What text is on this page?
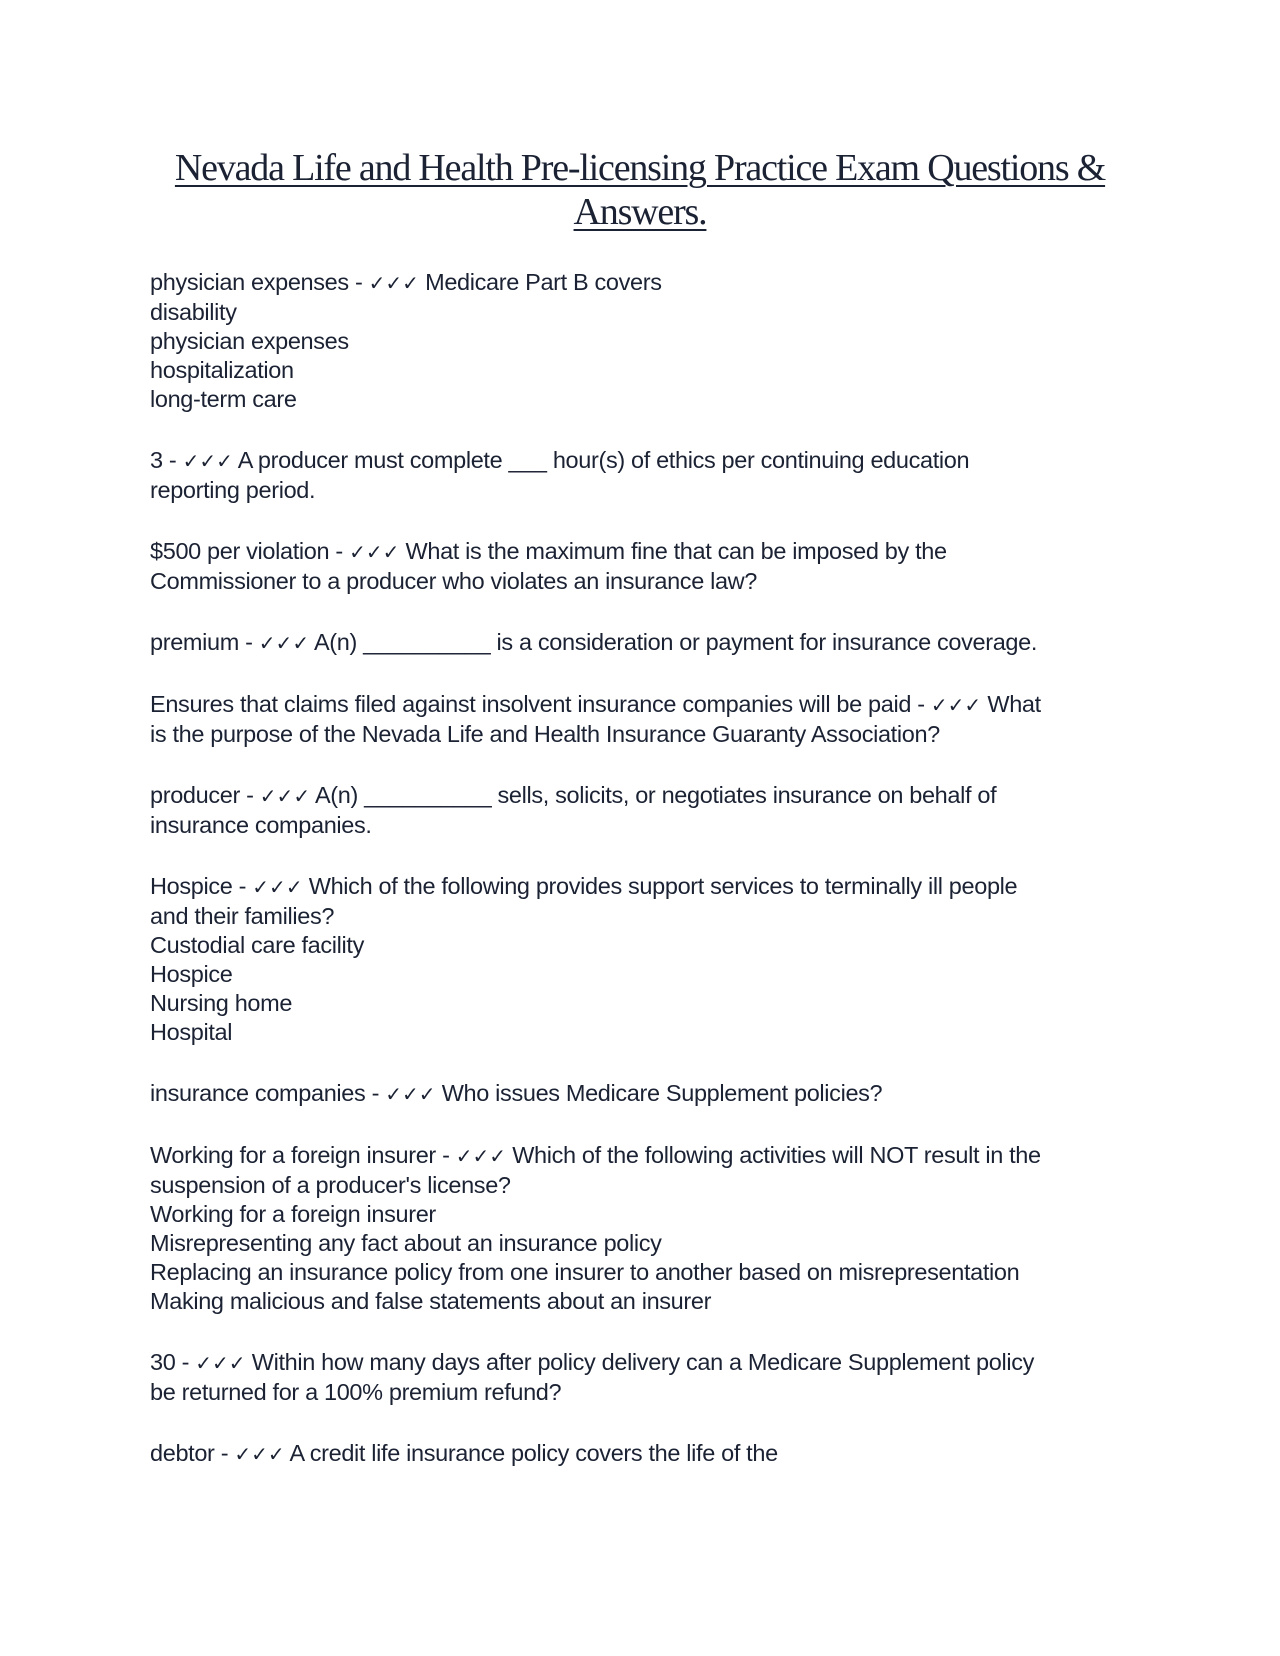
Nevada Life and Health Pre-licensing Practice Exam Questions &
Answers.
physician expenses - ✓✓✓ Medicare Part B covers
disability
physician expenses
hospitalization
long-term care
3 - ✓✓✓ A producer must complete ___ hour(s) of ethics per continuing education
reporting period.
$500 per violation - ✓✓✓ What is the maximum fine that can be imposed by the
Commissioner to a producer who violates an insurance law?
premium - ✓✓✓ A(n) __________ is a consideration or payment for insurance coverage.
Ensures that claims filed against insolvent insurance companies will be paid - ✓✓✓ What
is the purpose of the Nevada Life and Health Insurance Guaranty Association?
producer - ✓✓✓ A(n) __________ sells, solicits, or negotiates insurance on behalf of
insurance companies.
Hospice - ✓✓✓ Which of the following provides support services to terminally ill people
and their families?
Custodial care facility
Hospice
Nursing home
Hospital
insurance companies - ✓✓✓ Who issues Medicare Supplement policies?
Working for a foreign insurer - ✓✓✓ Which of the following activities will NOT result in the
suspension of a producer's license?
Working for a foreign insurer
Misrepresenting any fact about an insurance policy
Replacing an insurance policy from one insurer to another based on misrepresentation
Making malicious and false statements about an insurer
30 - ✓✓✓ Within how many days after policy delivery can a Medicare Supplement policy
be returned for a 100% premium refund?
debtor - ✓✓✓ A credit life insurance policy covers the life of the
